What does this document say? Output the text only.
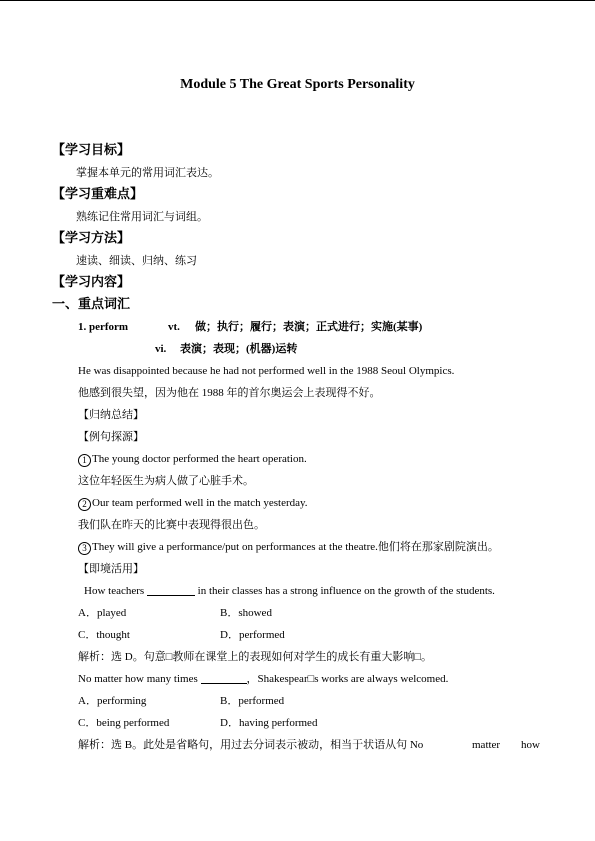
Module 5 The Great Sports Personality
【学习目标】
掌握本单元的常用词汇表达。
【学习重难点】
熟练记住常用词汇与词组。
【学习方法】
速读、细读、归纳、练习
【学习内容】
一、重点词汇
1. perform	vt. 做；执行；履行；表演；正式进行；实施(某事)
vi. 表演；表现；(机器)运转
He was disappointed because he had not performed well in the 1988 Seoul Olympics.
他感到很失望，因为他在 1988 年的首尔奥运会上表现得不好。
【归纳总结】
【例句探源】
1 The young doctor performed the heart operation.
这位年轻医生为病人做了心脏手术。
2 Our team performed well in the match yesterday.
我们队在昨天的比赛中表现得很出色。
3 They will give a performance/put on performances at the theatre.他们将在那家剧院演出。
【即境活用】
How teachers	in their classes has a strong influence on the growth of the students.
A．played	B．showed
C．thought	D．performed
解析：选 D。句意□教师在课堂上的表现如何对学生的成长有重大影响□。
No matter how many times	，Shakespear□s works are always welcomed.
A．performing	B．performed
C．being performed	D．having performed
解析：选 B。此处是省略句，用过去分词表示被动，相当于状语从句 No	matter how
